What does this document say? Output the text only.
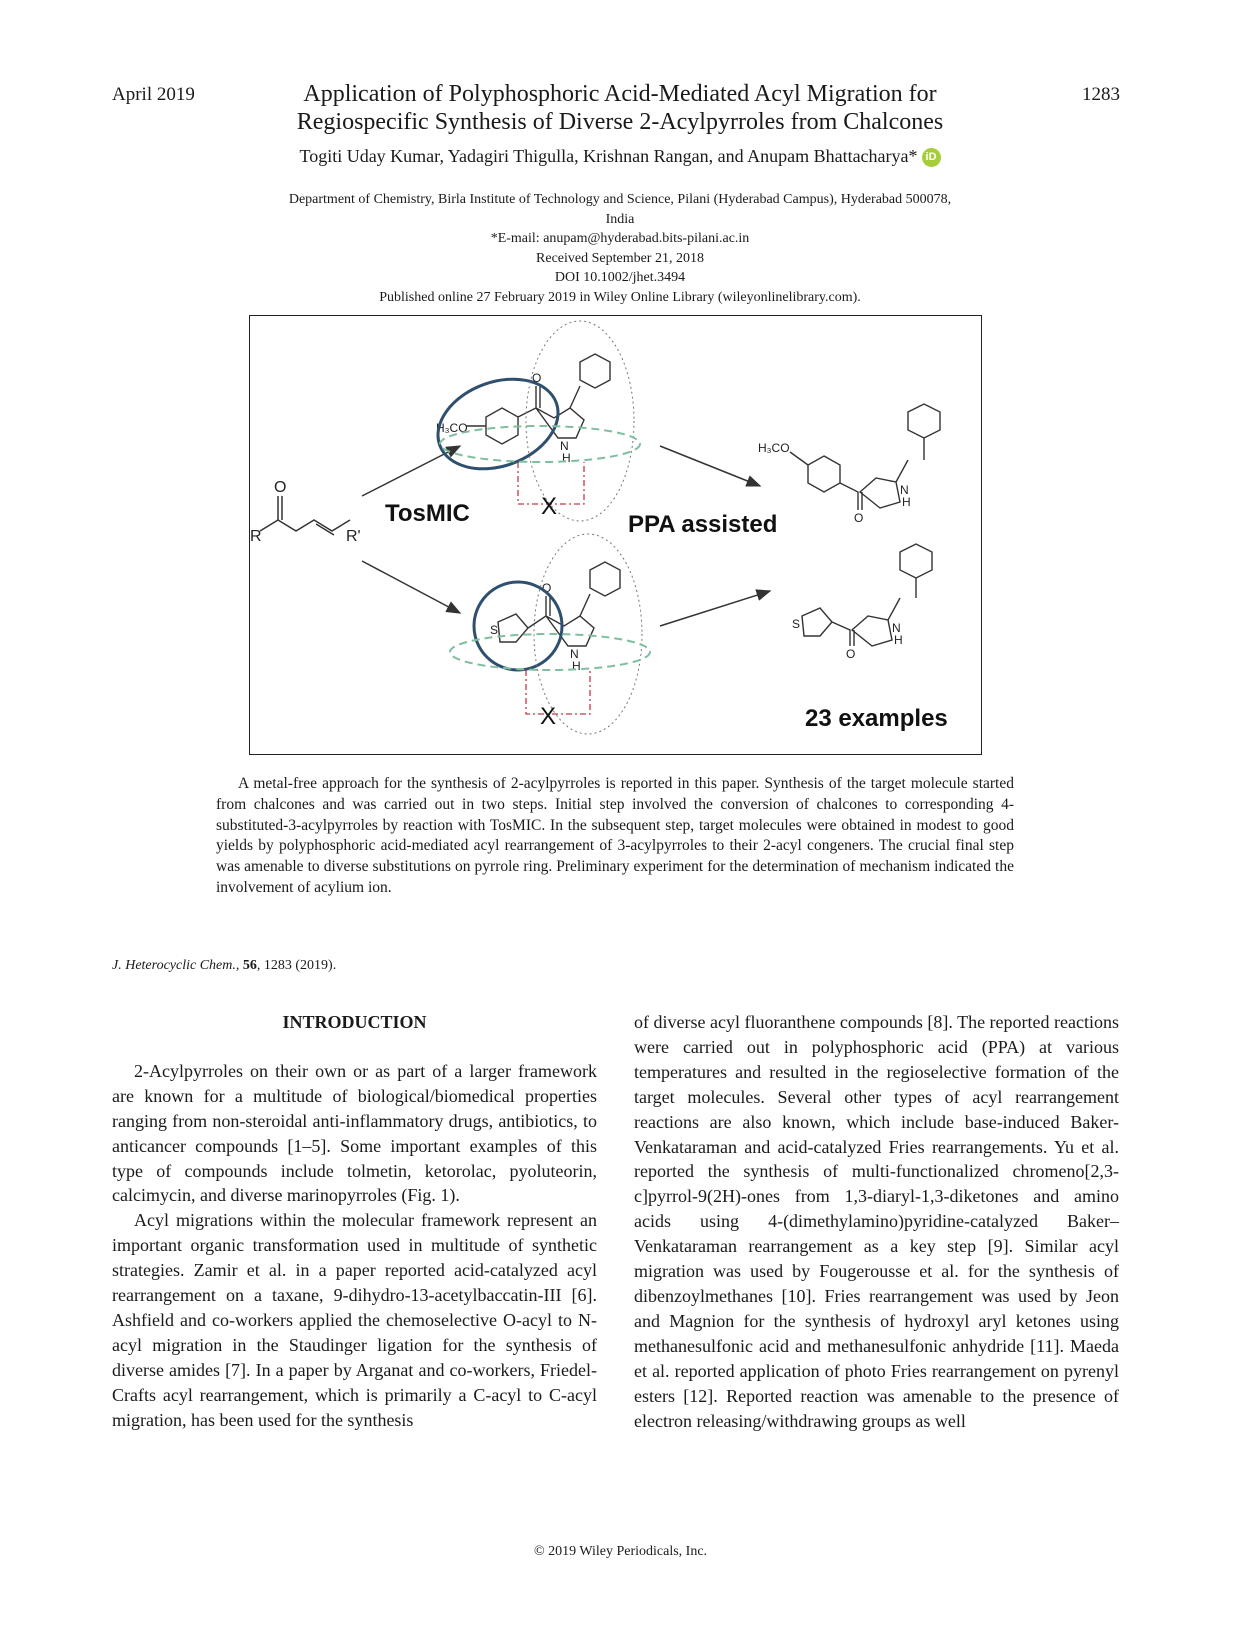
April 2019	Application of Polyphosphoric Acid-Mediated Acyl Migration for
Regiospecific Synthesis of Diverse 2-Acylpyrroles from Chalcones
1283
Togiti Uday Kumar, Yadagiri Thigulla, Krishnan Rangan, and Anupam Bhattacharya* iD
Department of Chemistry, Birla Institute of Technology and Science, Pilani (Hyderabad Campus), Hyderabad 500078,
India
*E-mail: anupam@hyderabad.bits-pilani.ac.in
Received September 21, 2018
DOI 10.1002/jhet.3494
Published online 27 February 2019 in Wiley Online Library (wileyonlinelibrary.com).
O
R	R'
H₃CO
O
N
H
X
TosMIC	PPA assisted
H₃CO
O
N
H
S
O
N
H
X
S
O
N
H
23 examples

A metal-free approach for the synthesis of 2-acylpyrroles is reported in this paper. Synthesis of the target molecule started from chalcones and was carried out in two steps. Initial step involved the conversion of chalcones to corresponding 4-substituted-3-acylpyrroles by reaction with TosMIC. In the subsequent step, target molecules were obtained in modest to good yields by polyphosphoric acid-mediated acyl rearrangement of 3-acylpyrroles to their 2-acyl congeners. The crucial final step was amenable to diverse substitutions on pyrrole ring. Preliminary experiment for the determination of mechanism indicated the involvement of acylium ion.

J. Heterocyclic Chem., 56, 1283 (2019).
INTRODUCTION

2-Acylpyrroles on their own or as part of a larger framework are known for a multitude of biological/biomedical properties ranging from non-steroidal anti-inflammatory drugs, antibiotics, to anticancer compounds [1–5]. Some important examples of this type of compounds include tolmetin, ketorolac, pyoluteorin, calcimycin, and diverse marinopyrroles (Fig. 1).

Acyl migrations within the molecular framework represent an important organic transformation used in multitude of synthetic strategies. Zamir et al. in a paper reported acid-catalyzed acyl rearrangement on a taxane, 9-dihydro-13-acetylbaccatin-III [6]. Ashfield and co-workers applied the chemoselective O-acyl to N-acyl migration in the Staudinger ligation for the synthesis of diverse amides [7]. In a paper by Arganat and co-workers, Friedel-Crafts acyl rearrangement, which is primarily a C-acyl to C-acyl migration, has been used for the synthesis

of diverse acyl fluoranthene compounds [8]. The reported reactions were carried out in polyphosphoric acid (PPA) at various temperatures and resulted in the regioselective formation of the target molecules. Several other types of acyl rearrangement reactions are also known, which include base-induced Baker-Venkataraman and acid-catalyzed Fries rearrangements. Yu et al. reported the synthesis of multi-functionalized chromeno[2,3-c]pyrrol-9(2H)-ones from 1,3-diaryl-1,3-diketones and amino acids using 4-(dimethylamino)pyridine-catalyzed Baker–Venkataraman rearrangement as a key step [9]. Similar acyl migration was used by Fougerousse et al. for the synthesis of dibenzoylmethanes [10]. Fries rearrangement was used by Jeon and Magnion for the synthesis of hydroxyl aryl ketones using methanesulfonic acid and methanesulfonic anhydride [11]. Maeda et al. reported application of photo Fries rearrangement on pyrenyl esters [12]. Reported reaction was amenable to the presence of electron releasing/withdrawing groups as well

© 2019 Wiley Periodicals, Inc.
